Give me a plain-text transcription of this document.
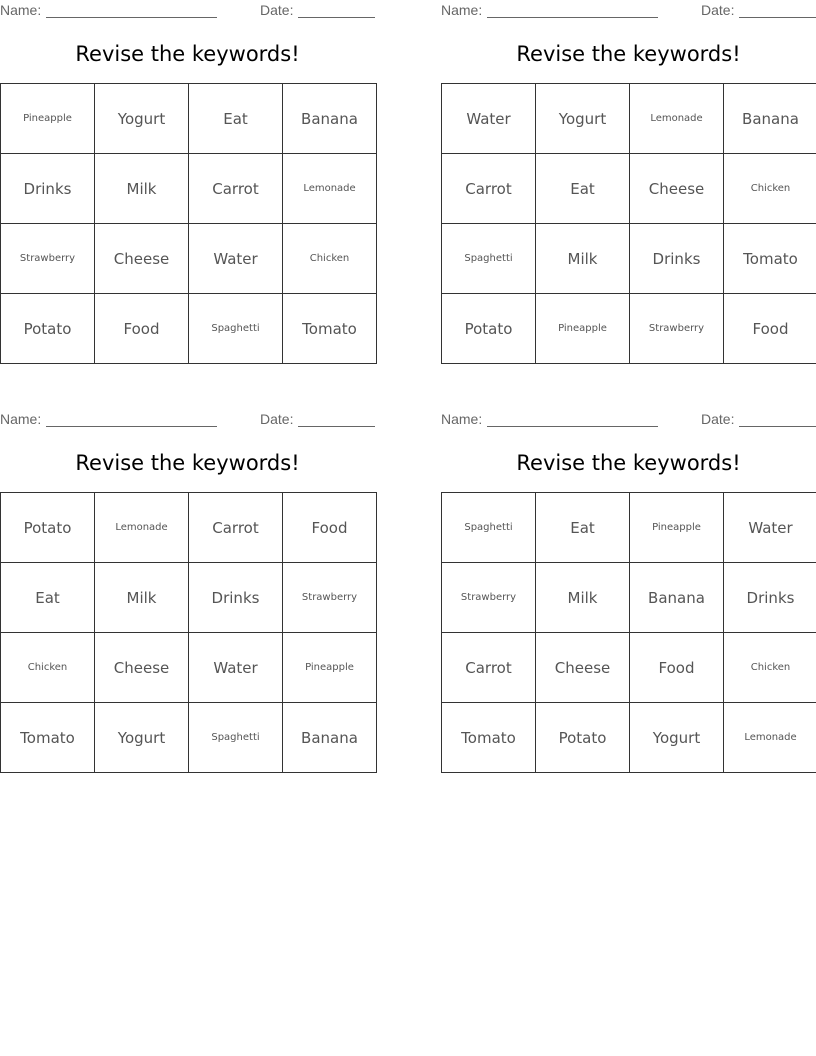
Name:	Date:
Revise the keywords!
Pineapple	Yogurt	Eat	Banana
Drinks	Milk	Carrot	Lemonade
Strawberry	Cheese	Water	Chicken
Potato	Food	Spaghetti	Tomato
Name:	Date:
Revise the keywords!
Water	Yogurt	Lemonade	Banana
Carrot	Eat	Cheese	Chicken
Spaghetti	Milk	Drinks	Tomato
Potato	Pineapple	Strawberry	Food
Name:	Date:
Revise the keywords!
Potato	Lemonade	Carrot	Food
Eat	Milk	Drinks	Strawberry
Chicken	Cheese	Water	Pineapple
Tomato	Yogurt	Spaghetti	Banana
Name:	Date:
Revise the keywords!
Spaghetti	Eat	Pineapple	Water
Strawberry	Milk	Banana	Drinks
Carrot	Cheese	Food	Chicken
Tomato	Potato	Yogurt	Lemonade
